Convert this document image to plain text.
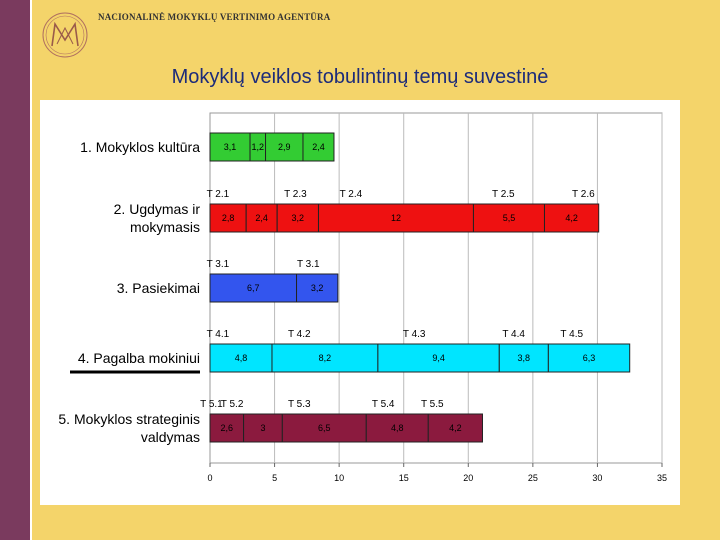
NACIONALINĖ MOKYKLŲ VERTINIMO AGENTŪRA
Mokyklų veiklos tobulintinų temų suvestinė
0	5	10	15	20	25	30	35
1. Mokyklos kultūra	3,1 1,2 2,9 2,4
2. Ugdymas ir
mokymasis
2,8 2,4	3,2	12	5,5	4,2
T 2.1	T 2.3	T 2.4	T 2.5	T 2.6
3. Pasiekimai	6,7	3,2
T 3.1	T 3.1
4. Pagalba mokiniui	4,8	8,2	9,4	3,8	6,3
T 4.1	T 4.2	T 4.3	T 4.4	T 4.5
5. Mokyklos strateginis
valdymas
2,6	3	6,5	4,8	4,2
T 5.1
T 5.2	T 5.3	T 5.4	T 5.5
